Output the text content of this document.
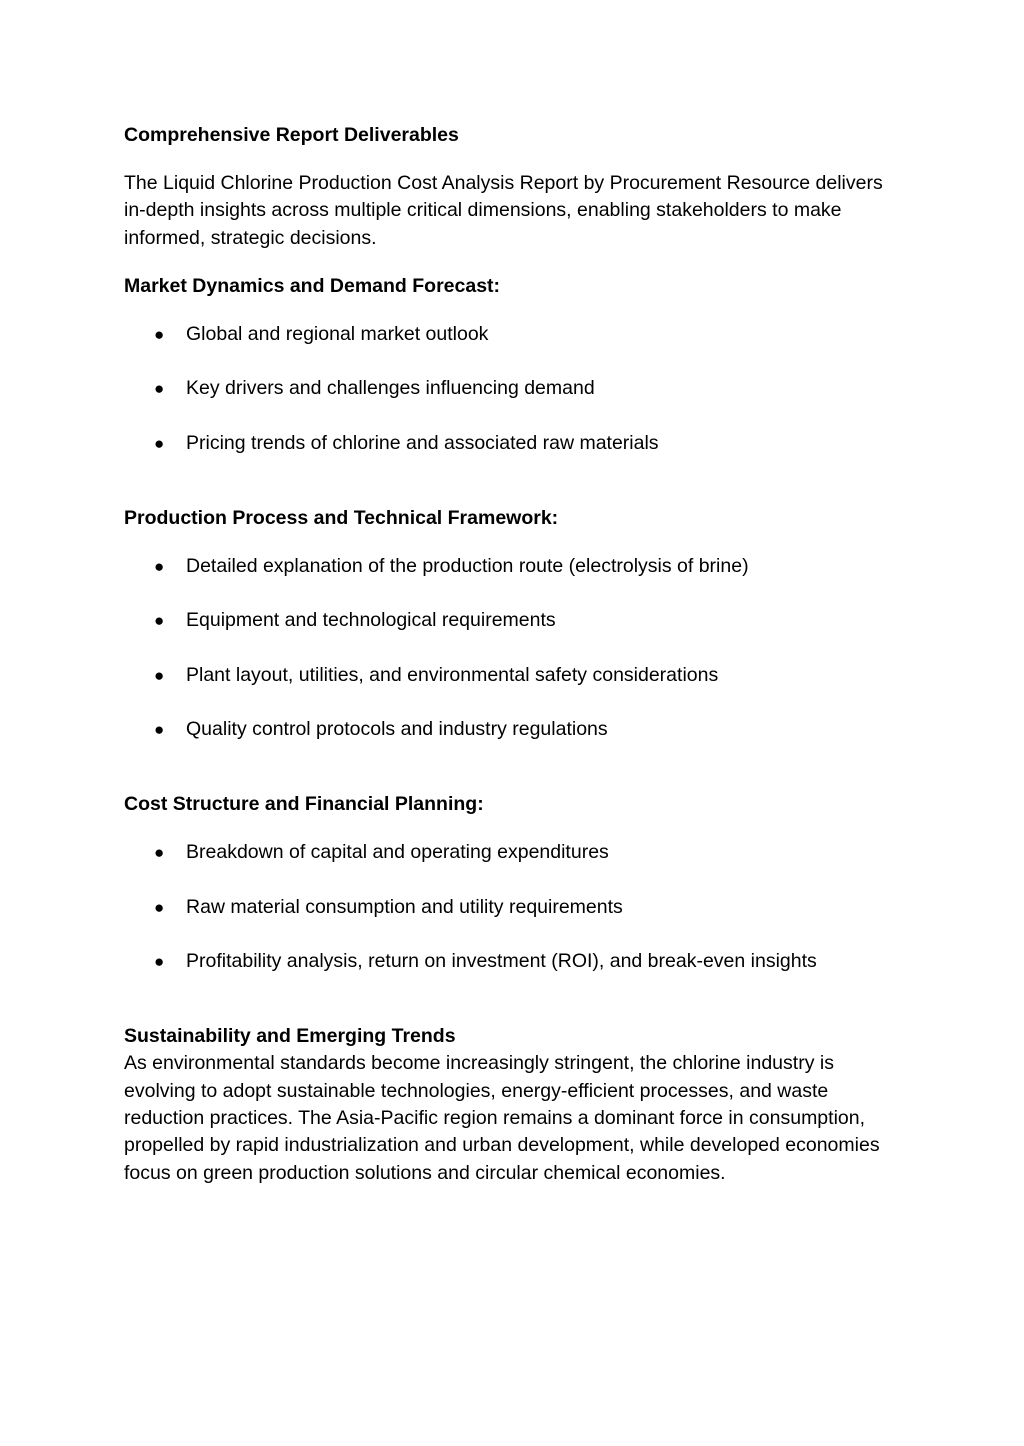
Comprehensive Report Deliverables

The Liquid Chlorine Production Cost Analysis Report by Procurement Resource delivers in-depth insights across multiple critical dimensions, enabling stakeholders to make informed, strategic decisions.

Market Dynamics and Demand Forecast:

● Global and regional market outlook
● Key drivers and challenges influencing demand
● Pricing trends of chlorine and associated raw materials

Production Process and Technical Framework:

● Detailed explanation of the production route (electrolysis of brine)
● Equipment and technological requirements
● Plant layout, utilities, and environmental safety considerations
● Quality control protocols and industry regulations

Cost Structure and Financial Planning:

● Breakdown of capital and operating expenditures
● Raw material consumption and utility requirements
● Profitability analysis, return on investment (ROI), and break-even insights

Sustainability and Emerging Trends

As environmental standards become increasingly stringent, the chlorine industry is evolving to adopt sustainable technologies, energy-efficient processes, and waste reduction practices. The Asia-Pacific region remains a dominant force in consumption, propelled by rapid industrialization and urban development, while developed economies focus on green production solutions and circular chemical economies.
